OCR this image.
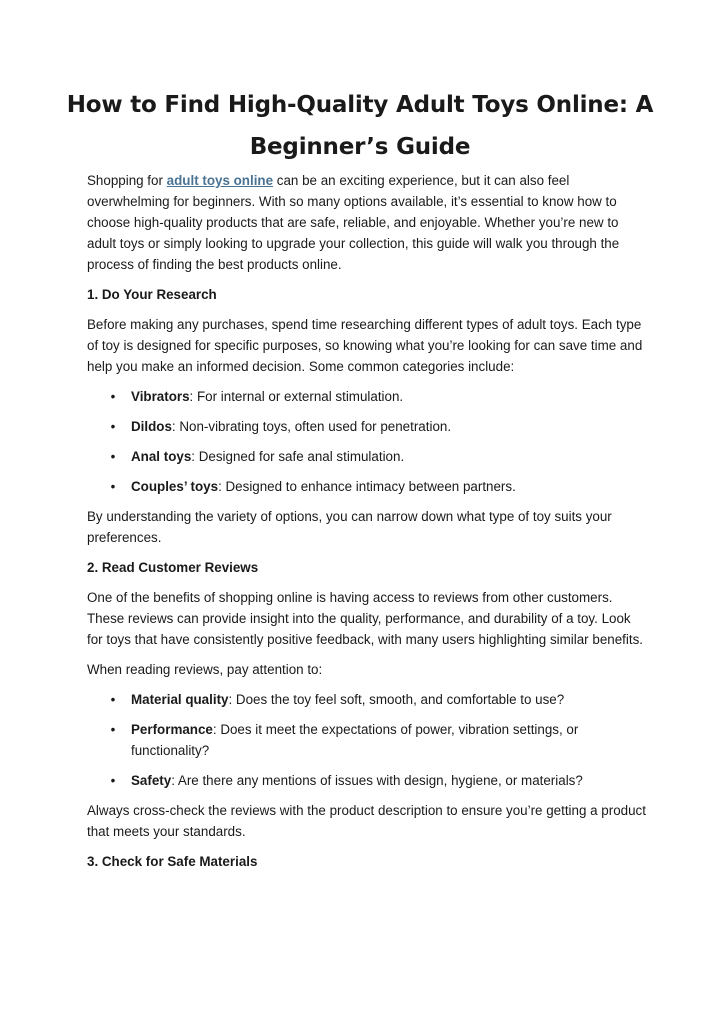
How to Find High-Quality Adult Toys Online: A Beginner’s Guide

Shopping for adult toys online can be an exciting experience, but it can also feel overwhelming for beginners. With so many options available, it’s essential to know how to choose high-quality products that are safe, reliable, and enjoyable. Whether you’re new to adult toys or simply looking to upgrade your collection, this guide will walk you through the process of finding the best products online.

1. Do Your Research

Before making any purchases, spend time researching different types of adult toys. Each type of toy is designed for specific purposes, so knowing what you’re looking for can save time and help you make an informed decision. Some common categories include:

• Vibrators: For internal or external stimulation.
• Dildos: Non-vibrating toys, often used for penetration.
• Anal toys: Designed for safe anal stimulation.
• Couples’ toys: Designed to enhance intimacy between partners.

By understanding the variety of options, you can narrow down what type of toy suits your preferences.

2. Read Customer Reviews

One of the benefits of shopping online is having access to reviews from other customers. These reviews can provide insight into the quality, performance, and durability of a toy. Look for toys that have consistently positive feedback, with many users highlighting similar benefits.

When reading reviews, pay attention to:

• Material quality: Does the toy feel soft, smooth, and comfortable to use?
• Performance: Does it meet the expectations of power, vibration settings, or functionality?
• Safety: Are there any mentions of issues with design, hygiene, or materials?

Always cross-check the reviews with the product description to ensure you’re getting a product that meets your standards.

3. Check for Safe Materials
